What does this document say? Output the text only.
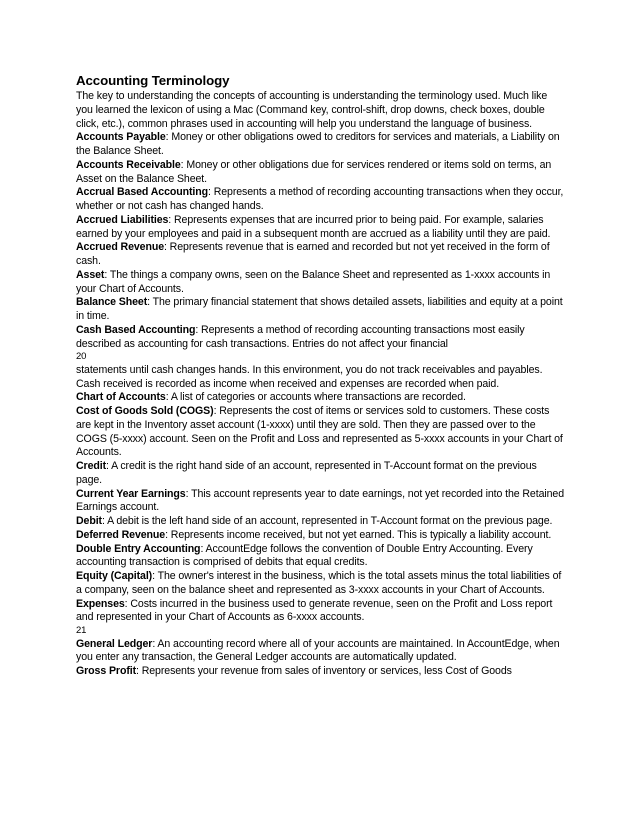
Accounting Terminology

The key to understanding the concepts of accounting is understanding the terminology used. Much like you learned the lexicon of using a Mac (Command key, control-shift, drop downs, check boxes, double click, etc.), common phrases used in accounting will help you understand the language of business.

Accounts Payable: Money or other obligations owed to creditors for services and materials, a Liability on the Balance Sheet.

Accounts Receivable: Money or other obligations due for services rendered or items sold on terms, an Asset on the Balance Sheet.

Accrual Based Accounting: Represents a method of recording accounting transactions when they occur, whether or not cash has changed hands.

Accrued Liabilities: Represents expenses that are incurred prior to being paid. For example, salaries earned by your employees and paid in a subsequent month are accrued as a liability until they are paid.

Accrued Revenue: Represents revenue that is earned and recorded but not yet received in the form of cash.

Asset: The things a company owns, seen on the Balance Sheet and represented as 1-xxxx accounts in your Chart of Accounts.

Balance Sheet: The primary financial statement that shows detailed assets, liabilities and equity at a point in time.

Cash Based Accounting: Represents a method of recording accounting transactions most easily described as accounting for cash transactions. Entries do not affect your financial

20

statements until cash changes hands. In this environment, you do not track receivables and payables. Cash received is recorded as income when received and expenses are recorded when paid.

Chart of Accounts: A list of categories or accounts where transactions are recorded.

Cost of Goods Sold (COGS): Represents the cost of items or services sold to customers. These costs are kept in the Inventory asset account (1-xxxx) until they are sold. Then they are passed over to the COGS (5-xxxx) account. Seen on the Profit and Loss and represented as 5-xxxx accounts in your Chart of Accounts.

Credit: A credit is the right hand side of an account, represented in T-Account format on the previous page.

Current Year Earnings: This account represents year to date earnings, not yet recorded into the Retained Earnings account.

Debit: A debit is the left hand side of an account, represented in T-Account format on the previous page.

Deferred Revenue: Represents income received, but not yet earned. This is typically a liability account.

Double Entry Accounting: AccountEdge follows the convention of Double Entry Accounting. Every accounting transaction is comprised of debits that equal credits.

Equity (Capital): The owner's interest in the business, which is the total assets minus the total liabilities of a company, seen on the balance sheet and represented as 3-xxxx accounts in your Chart of Accounts.

Expenses: Costs incurred in the business used to generate revenue, seen on the Profit and Loss report and represented in your Chart of Accounts as 6-xxxx accounts.

21

General Ledger: An accounting record where all of your accounts are maintained. In AccountEdge, when you enter any transaction, the General Ledger accounts are automatically updated.

Gross Profit: Represents your revenue from sales of inventory or services, less Cost of Goods
